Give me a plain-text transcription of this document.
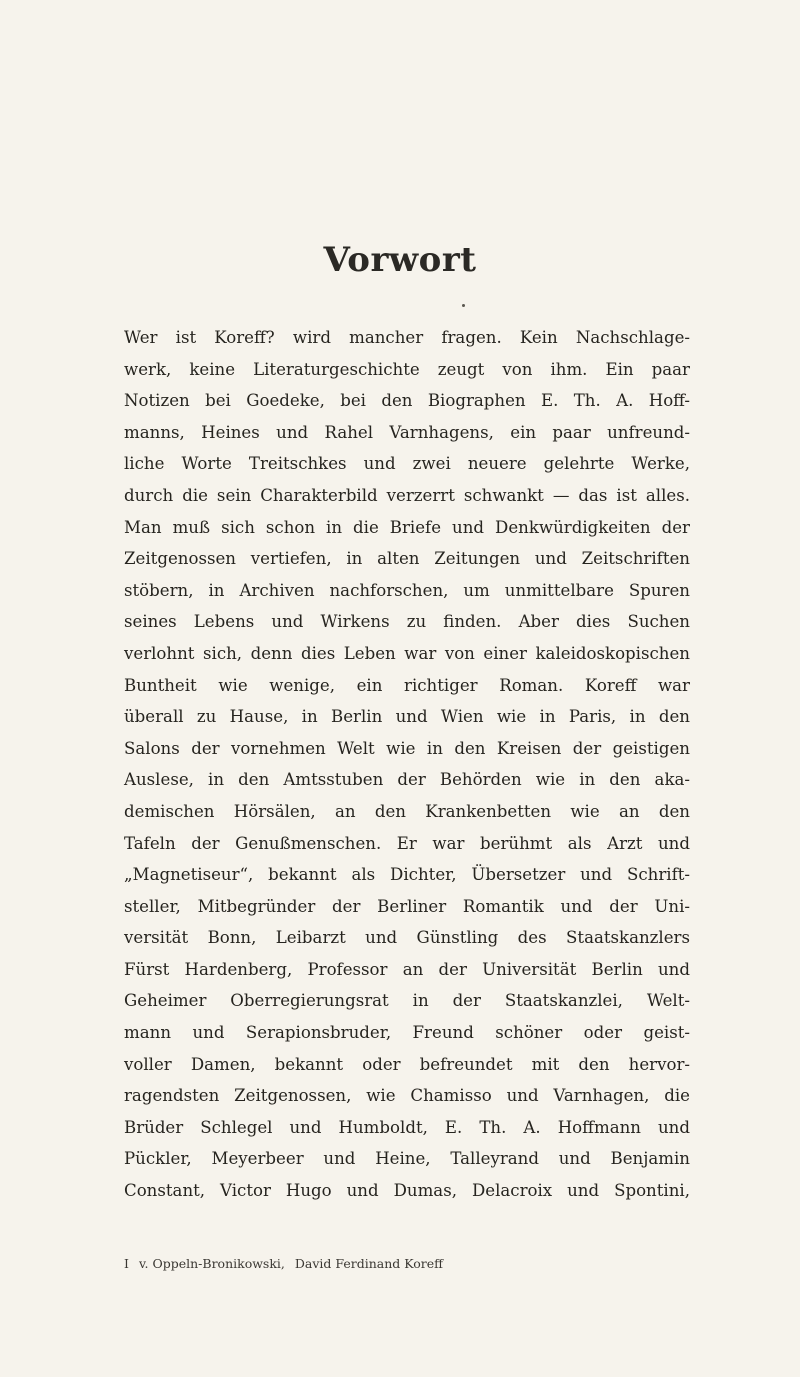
Vorwort
Wer ist Koreff? wird mancher fragen. Kein Nachschlage-
werk, keine Literaturgeschichte zeugt von ihm. Ein paar
Notizen bei Goedeke, bei den Biographen E. Th. A. Hoff-
manns, Heines und Rahel Varnhagens, ein paar unfreund-
liche Worte Treitschkes und zwei neuere gelehrte Werke,
durch die sein Charakterbild verzerrt schwankt — das ist alles.
Man muß sich schon in die Briefe und Denkwürdigkeiten der
Zeitgenossen vertiefen, in alten Zeitungen und Zeitschriften
stöbern, in Archiven nachforschen, um unmittelbare Spuren
seines Lebens und Wirkens zu finden. Aber dies Suchen
verlohnt sich, denn dies Leben war von einer kaleidoskopischen
Buntheit wie wenige, ein richtiger Roman. Koreff war
überall zu Hause, in Berlin und Wien wie in Paris, in den
Salons der vornehmen Welt wie in den Kreisen der geistigen
Auslese, in den Amtsstuben der Behörden wie in den aka-
demischen Hörsälen, an den Krankenbetten wie an den
Tafeln der Genußmenschen. Er war berühmt als Arzt und
„Magnetiseur“, bekannt als Dichter, Übersetzer und Schrift-
steller, Mitbegründer der Berliner Romantik und der Uni-
versität Bonn, Leibarzt und Günstling des Staatskanzlers
Fürst Hardenberg, Professor an der Universität Berlin und
Geheimer Oberregierungsrat in der Staatskanzlei, Welt-
mann und Serapionsbruder, Freund schöner oder geist-
voller Damen, bekannt oder befreundet mit den hervor-
ragendsten Zeitgenossen, wie Chamisso und Varnhagen, die
Brüder Schlegel und Humboldt, E. Th. A. Hoffmann und
Pückler, Meyerbeer und Heine, Talleyrand und Benjamin
Constant, Victor Hugo und Dumas, Delacroix und Spontini,
I v. Oppeln-Bronikowski, David Ferdinand Koreff
